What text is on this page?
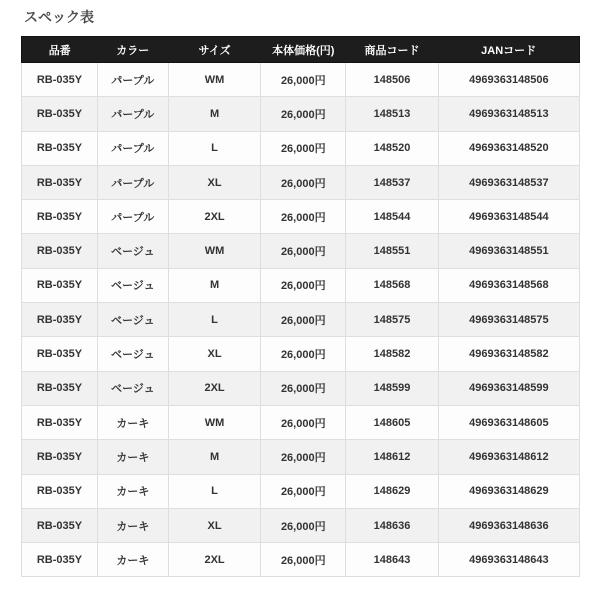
スペック表
品番	カラー	サイズ	本体価格(円)	商品コード	JANコード
RB-035Y	パープル	WM	26,000円	148506	4969363148506
RB-035Y	パープル	M	26,000円	148513	4969363148513
RB-035Y	パープル	L	26,000円	148520	4969363148520
RB-035Y	パープル	XL	26,000円	148537	4969363148537
RB-035Y	パープル	2XL	26,000円	148544	4969363148544
RB-035Y	ベージュ	WM	26,000円	148551	4969363148551
RB-035Y	ベージュ	M	26,000円	148568	4969363148568
RB-035Y	ベージュ	L	26,000円	148575	4969363148575
RB-035Y	ベージュ	XL	26,000円	148582	4969363148582
RB-035Y	ベージュ	2XL	26,000円	148599	4969363148599
RB-035Y	カーキ	WM	26,000円	148605	4969363148605
RB-035Y	カーキ	M	26,000円	148612	4969363148612
RB-035Y	カーキ	L	26,000円	148629	4969363148629
RB-035Y	カーキ	XL	26,000円	148636	4969363148636
RB-035Y	カーキ	2XL	26,000円	148643	4969363148643
